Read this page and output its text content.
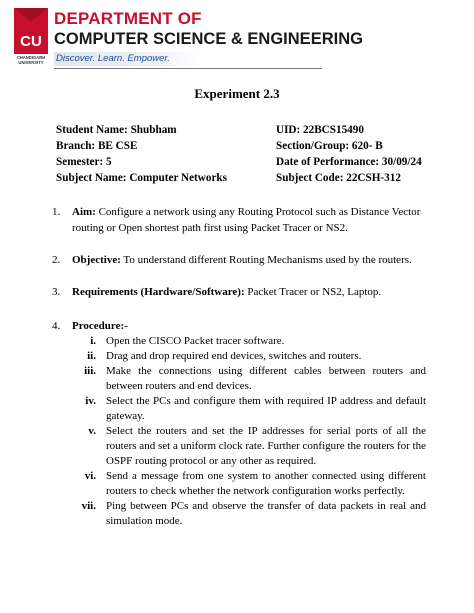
CU
CHANDIGARH UNIVERSITY
DEPARTMENT OF
COMPUTER SCIENCE & ENGINEERING
Discover. Learn. Empower.
Experiment 2.3
Student Name: Shubham	UID: 22BCS15490
Branch: BE CSE	Section/Group: 620- B
Semester: 5	Date of Performance: 30/09/24
Subject Name: Computer Networks	Subject Code: 22CSH-312
1.	Aim: Configure a network using any Routing Protocol such as Distance Vector routing or Open shortest path first using Packet Tracer or NS2.
2.	Objective: To understand different Routing Mechanisms used by the routers.
3.	Requirements (Hardware/Software): Packet Tracer or NS2, Laptop.
4.	Procedure:-
i. Open the CISCO Packet tracer software.
ii. Drag and drop required end devices, switches and routers.
iii. Make the connections using different cables between routers and between routers and end devices.
iv. Select the PCs and configure them with required IP address and default gateway.
v. Select the routers and set the IP addresses for serial ports of all the routers and set a uniform clock rate. Further configure the routers for the OSPF routing protocol or any other as required.
vi. Send a message from one system to another connected using different routers to check whether the network configuration works perfectly.
vii. Ping between PCs and observe the transfer of data packets in real and simulation mode.
